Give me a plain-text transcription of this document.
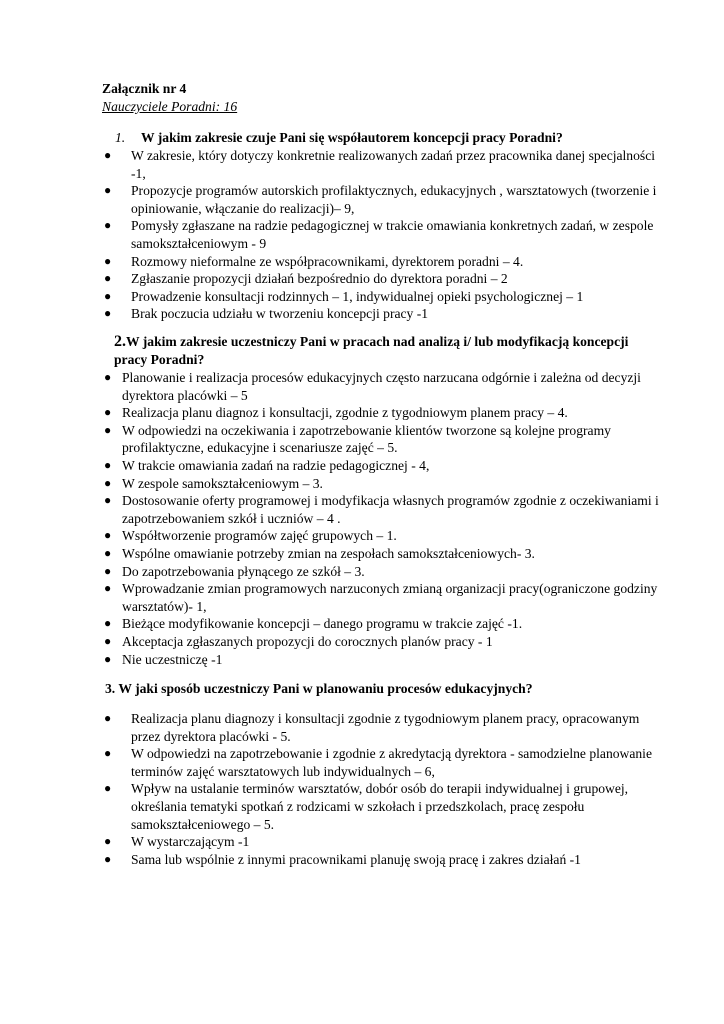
Załącznik nr 4
Nauczyciele Poradni: 16

1. W jakim zakresie czuje Pani się współautorem koncepcji pracy Poradni?

● W zakresie, który dotyczy konkretnie realizowanych zadań przez pracownika danej specjalności -1,
● Propozycje programów autorskich profilaktycznych, edukacyjnych , warsztatowych (tworzenie i opiniowanie, włączanie do realizacji)– 9,
● Pomysły zgłaszane na radzie pedagogicznej w trakcie omawiania konkretnych zadań, w zespole samokształceniowym - 9
● Rozmowy nieformalne ze współpracownikami, dyrektorem poradni – 4.
● Zgłaszanie propozycji działań bezpośrednio do dyrektora poradni – 2
● Prowadzenie konsultacji rodzinnych – 1, indywidualnej opieki psychologicznej – 1
● Brak poczucia udziału w tworzeniu koncepcji pracy -1

2.W jakim zakresie uczestniczy Pani w pracach nad analizą i/ lub modyfikacją koncepcji pracy Poradni?

● Planowanie i realizacja procesów edukacyjnych często narzucana odgórnie i zależna od decyzji dyrektora placówki – 5
● Realizacja planu diagnoz i konsultacji, zgodnie z tygodniowym planem pracy – 4.
● W odpowiedzi na oczekiwania i zapotrzebowanie klientów tworzone są kolejne programy profilaktyczne, edukacyjne i scenariusze zajęć – 5.
● W trakcie omawiania zadań na radzie pedagogicznej - 4,
● W zespole samokształceniowym – 3.
● Dostosowanie oferty programowej i modyfikacja własnych programów zgodnie z oczekiwaniami i zapotrzebowaniem szkół i uczniów – 4 .
● Współtworzenie programów zajęć grupowych – 1.
● Wspólne omawianie potrzeby zmian na zespołach samokształceniowych- 3.
● Do zapotrzebowania płynącego ze szkół – 3.
● Wprowadzanie zmian programowych narzuconych zmianą organizacji pracy(ograniczone godziny warsztatów)- 1,
● Bieżące modyfikowanie koncepcji – danego programu w trakcie zajęć -1.
● Akceptacja zgłaszanych propozycji do corocznych planów pracy - 1
● Nie uczestniczę -1

3. W jaki sposób uczestniczy Pani w planowaniu procesów edukacyjnych?

● Realizacja planu diagnozy i konsultacji zgodnie z tygodniowym planem pracy, opracowanym przez dyrektora placówki - 5.
● W odpowiedzi na zapotrzebowanie i zgodnie z akredytacją dyrektora - samodzielne planowanie terminów zajęć warsztatowych lub indywidualnych – 6,
● Wpływ na ustalanie terminów warsztatów, dobór osób do terapii indywidualnej i grupowej, określania tematyki spotkań z rodzicami w szkołach i przedszkolach, pracę zespołu samokształceniowego – 5.
● W wystarczającym -1
● Sama lub wspólnie z innymi pracownikami planuję swoją pracę i zakres działań -1
